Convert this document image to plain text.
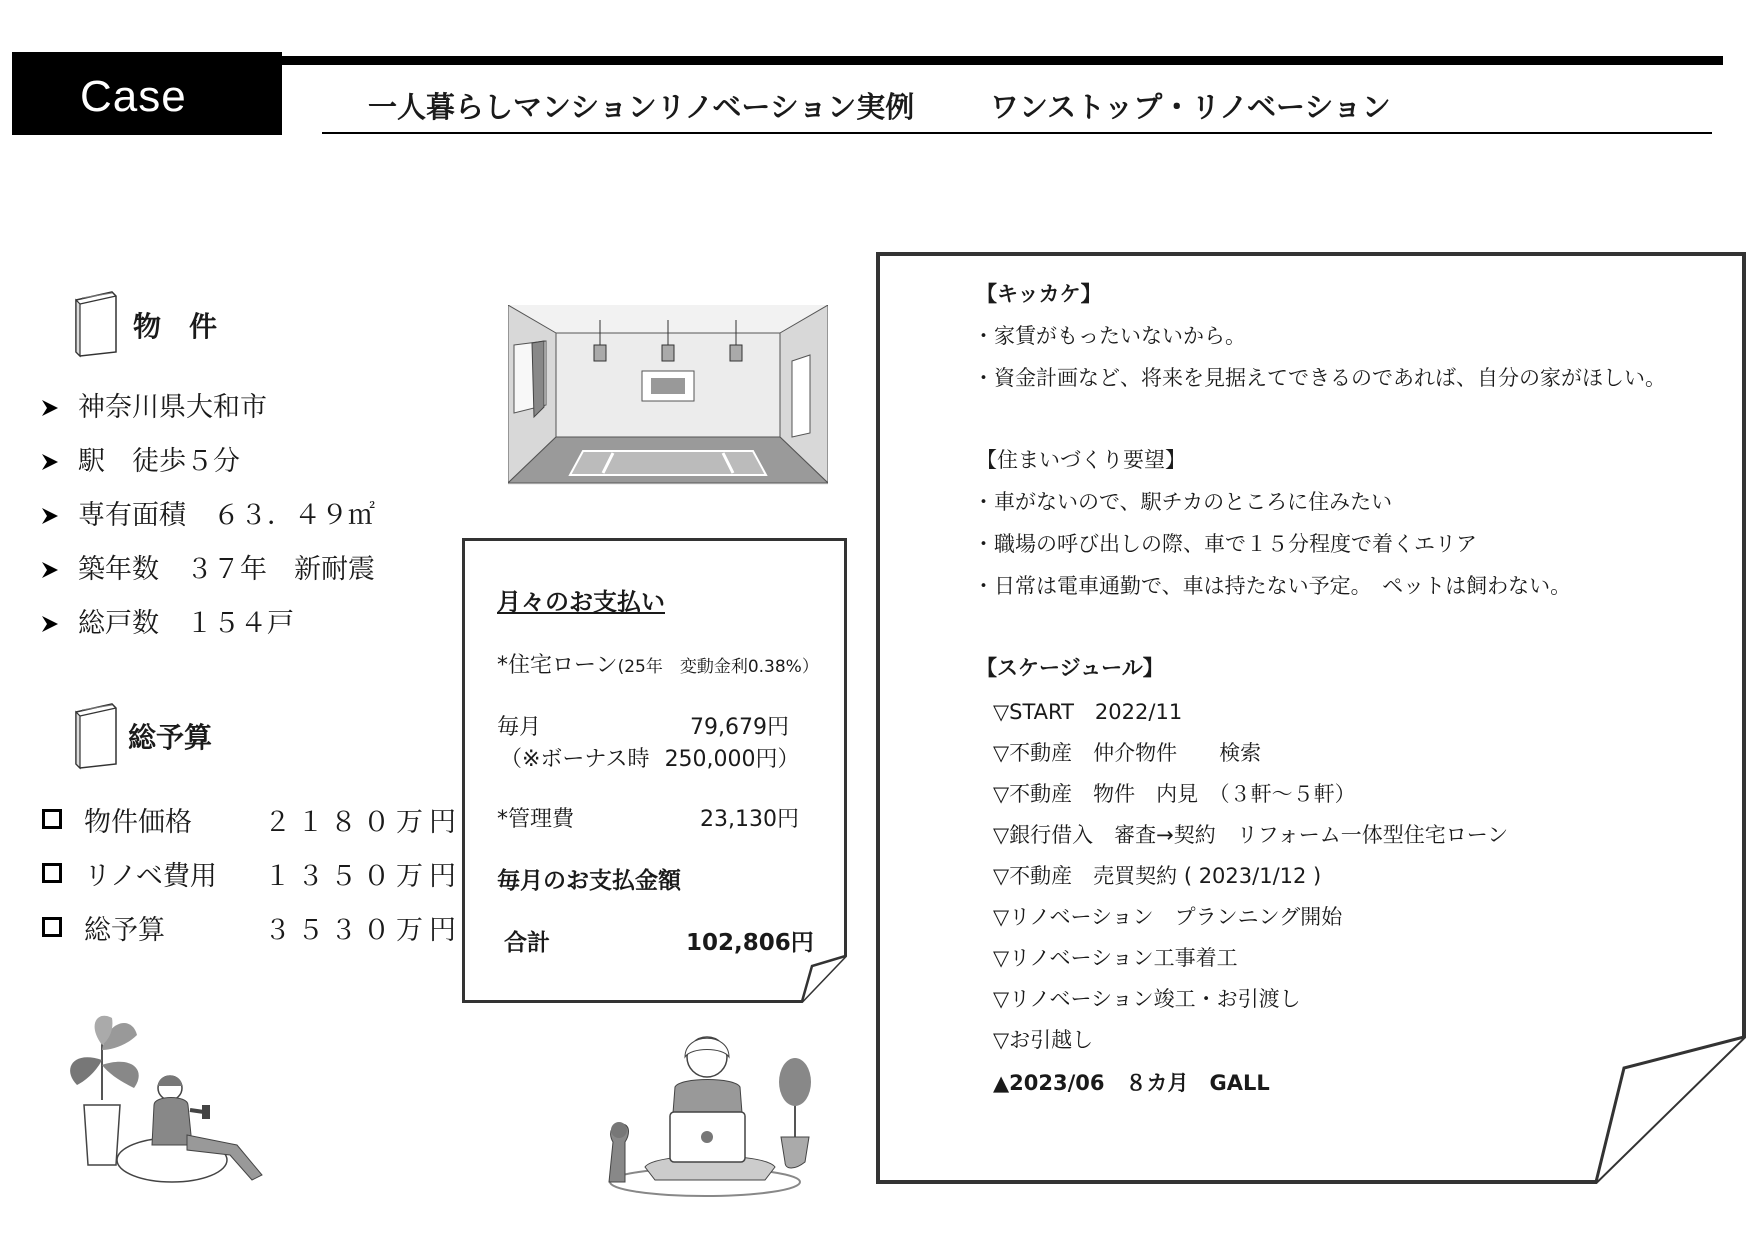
Case	一人暮らしマンションリノベーション実例	ワンストップ・リノベーション
物　件
神奈川県大和市
駅　徒歩５分
専有面積　６３．４９㎡
築年数　３７年　新耐震
総戸数　１５４戸
総予算
物件価格	２１８０万円
リノベ費用	１３５０万円
総予算	３５３０万円
月々のお支払い
*住宅ローン(25年　変動金利0.38%）
毎月	79,679円
（※ボーナス時 250,000円）
*管理費	23,130円
毎月のお支払金額
合計	102,806円
【キッカケ】
・家賃がもったいないから。
・資金計画など、将来を見据えてできるのであれば、自分の家がほしい。
【住まいづくり要望】
・車がないので、駅チカのところに住みたい
・職場の呼び出しの際、車で１５分程度で着くエリア
・日常は電車通勤で、車は持たない予定。　ペットは飼わない。
【スケージュール】
▽START　2022/11
▽不動産　仲介物件　　検索
▽不動産　物件　内見　（３軒～５軒）
▽銀行借入　審査→契約　リフォーム一体型住宅ローン
▽不動産　売買契約 ( 2023/1/12 )
▽リノベーション　プランニング開始
▽リノベーション工事着工
▽リノベーション竣工・お引渡し
▽お引越し
▲2023/06　８カ月　GALL
